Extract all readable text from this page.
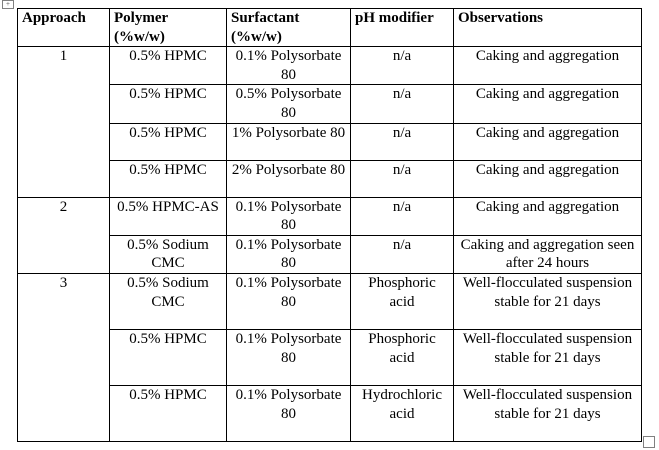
+
Approach	Polymer (%w/w)	Surfactant (%w/w)	pH modifier	Observations
1	0.5% HPMC	0.1% Polysorbate 80	n/a	Caking and aggregation
	0.5% HPMC	0.5% Polysorbate 80	n/a	Caking and aggregation
	0.5% HPMC	1% Polysorbate 80	n/a	Caking and aggregation
	0.5% HPMC	2% Polysorbate 80	n/a	Caking and aggregation
2	0.5% HPMC-AS	0.1% Polysorbate 80	n/a	Caking and aggregation
	0.5% Sodium CMC	0.1% Polysorbate 80	n/a	Caking and aggregation seen after 24 hours
3	0.5% Sodium CMC	0.1% Polysorbate 80	Phosphoric acid	Well-flocculated suspension stable for 21 days
	0.5% HPMC	0.1% Polysorbate 80	Phosphoric acid	Well-flocculated suspension stable for 21 days
	0.5% HPMC	0.1% Polysorbate 80	Hydrochloric acid	Well-flocculated suspension stable for 21 days
